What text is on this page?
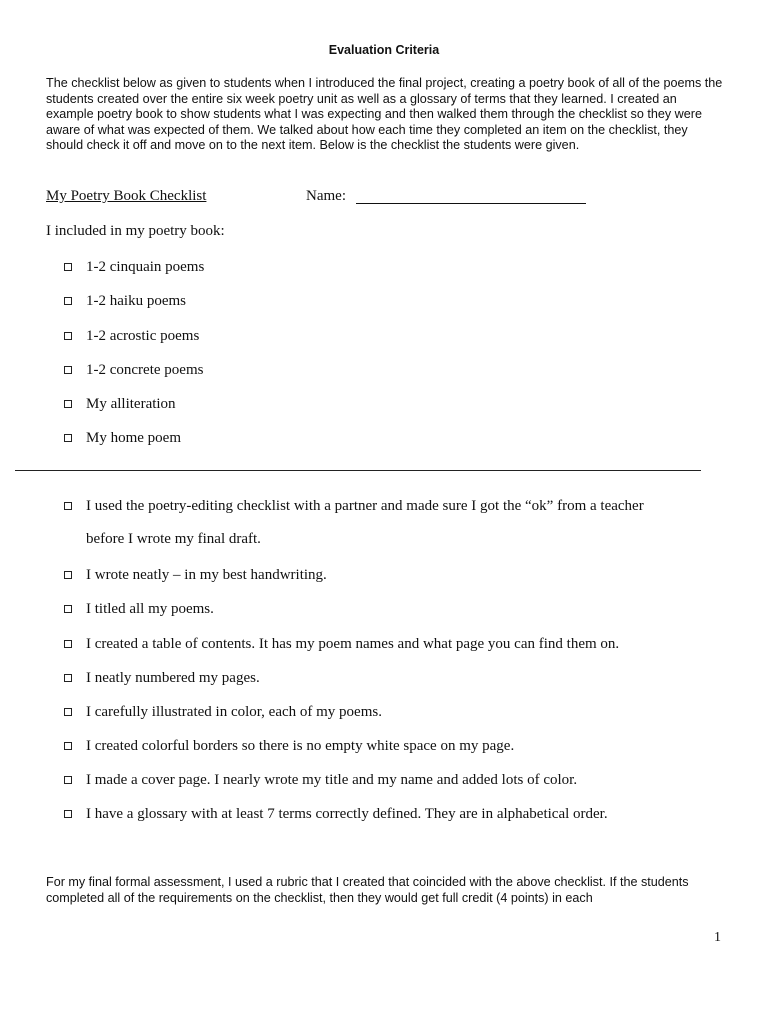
Evaluation Criteria
The checklist below as given to students when I introduced the final project, creating a poetry book of all of the poems the students created over the entire six week poetry unit as well as a glossary of terms that they learned. I created an example poetry book to show students what I was expecting and then walked them through the checklist so they were aware of what was expected of them. We talked about how each time they completed an item on the checklist, they should check it off and move on to the next item. Below is the checklist the students were given.
My Poetry Book Checklist	Name:
I included in my poetry book:
1-2 cinquain poems
1-2 haiku poems
1-2 acrostic poems
1-2 concrete poems
My alliteration
My home poem
I used the poetry-editing checklist with a partner and made sure I got the “ok” from a teacher
before I wrote my final draft.
I wrote neatly – in my best handwriting.
I titled all my poems.
I created a table of contents. It has my poem names and what page you can find them on.
I neatly numbered my pages.
I carefully illustrated in color, each of my poems.
I created colorful borders so there is no empty white space on my page.
I made a cover page. I nearly wrote my title and my name and added lots of color.
I have a glossary with at least 7 terms correctly defined. They are in alphabetical order.
For my final formal assessment, I used a rubric that I created that coincided with the above checklist. If the students completed all of the requirements on the checklist, then they would get full credit (4 points) in each
1
